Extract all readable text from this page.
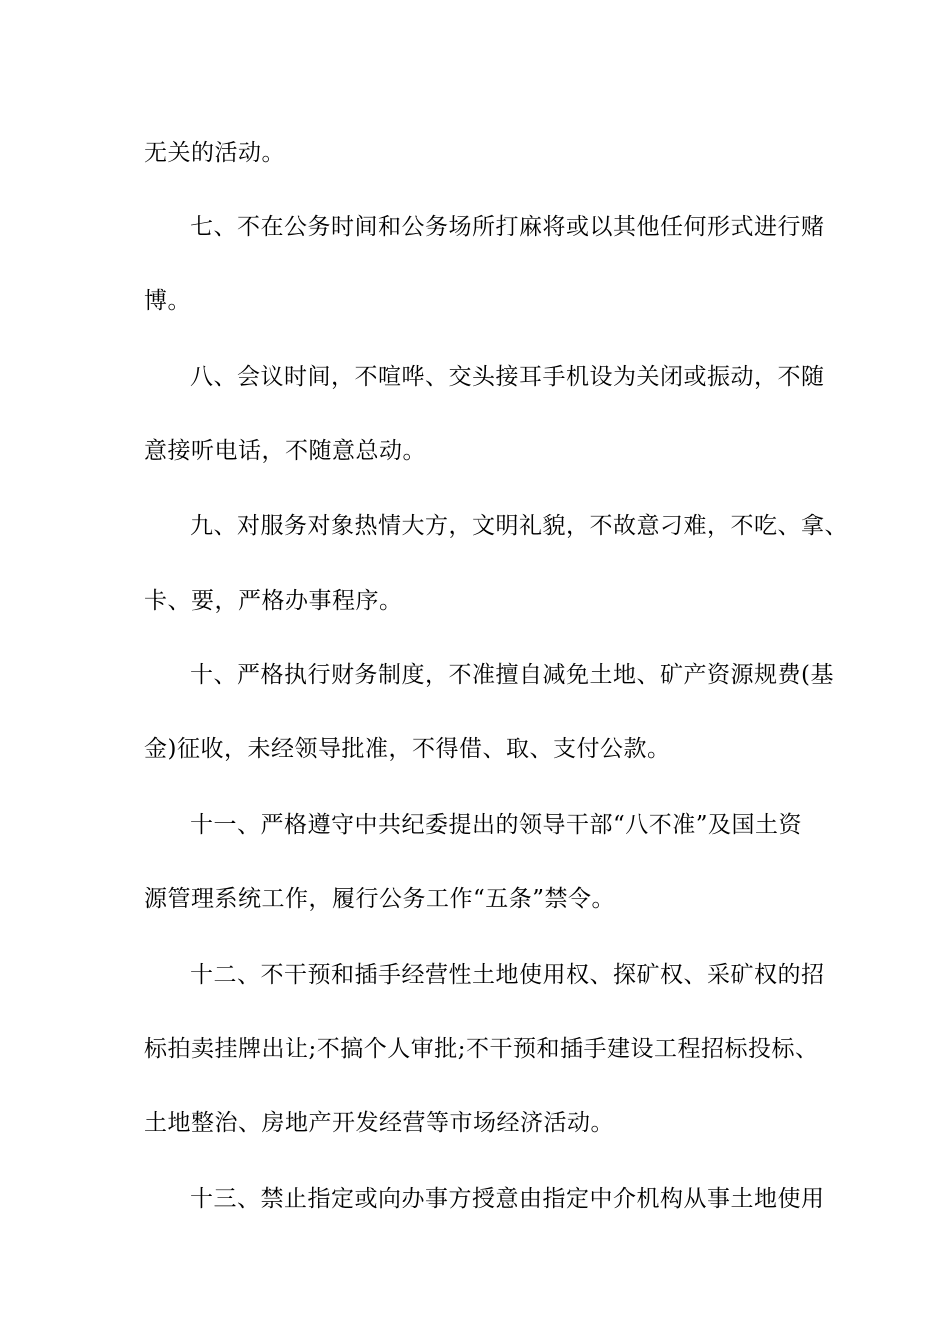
无关的活动。
七、不在公务时间和公务场所打麻将或以其他任何形式进行赌
博。
八、会议时间，不喧哗、交头接耳手机设为关闭或振动，不随
意接听电话，不随意总动。
九、对服务对象热情大方，文明礼貌，不故意刁难，不吃、拿、
卡、要，严格办事程序。
十、严格执行财务制度，不准擅自减免土地、矿产资源规费(基
金)征收，未经领导批准，不得借、取、支付公款。
十一、严格遵守中共纪委提出的领导干部“八不准”及国土资
源管理系统工作，履行公务工作“五条”禁令。
十二、不干预和插手经营性土地使用权、探矿权、采矿权的招
标拍卖挂牌出让;不搞个人审批;不干预和插手建设工程招标投标、
土地整治、房地产开发经营等市场经济活动。
十三、禁止指定或向办事方授意由指定中介机构从事土地使用
